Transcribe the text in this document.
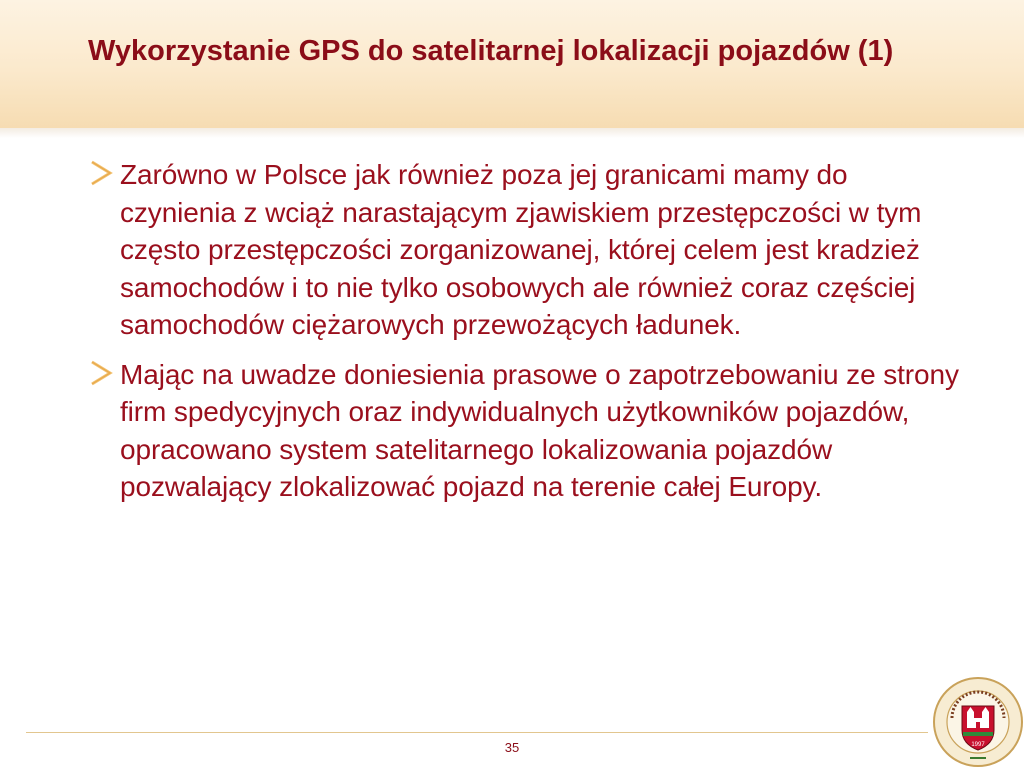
Wykorzystanie GPS do satelitarnej lokalizacji pojazdów (1)
Zarówno w Polsce jak również poza jej granicami mamy do czynienia z wciąż narastającym zjawiskiem przestępczości w tym często przestępczości zorganizowanej, której celem jest kradzież samochodów i to nie tylko osobowych ale również coraz częściej samochodów ciężarowych przewożących ładunek.
Mając na uwadze doniesienia prasowe o zapotrzebowaniu ze strony firm spedycyjnych oraz indywidualnych użytkowników pojazdów, opracowano system satelitarnego lokalizowania pojazdów pozwalający zlokalizować pojazd na terenie całej Europy.
35	1997
